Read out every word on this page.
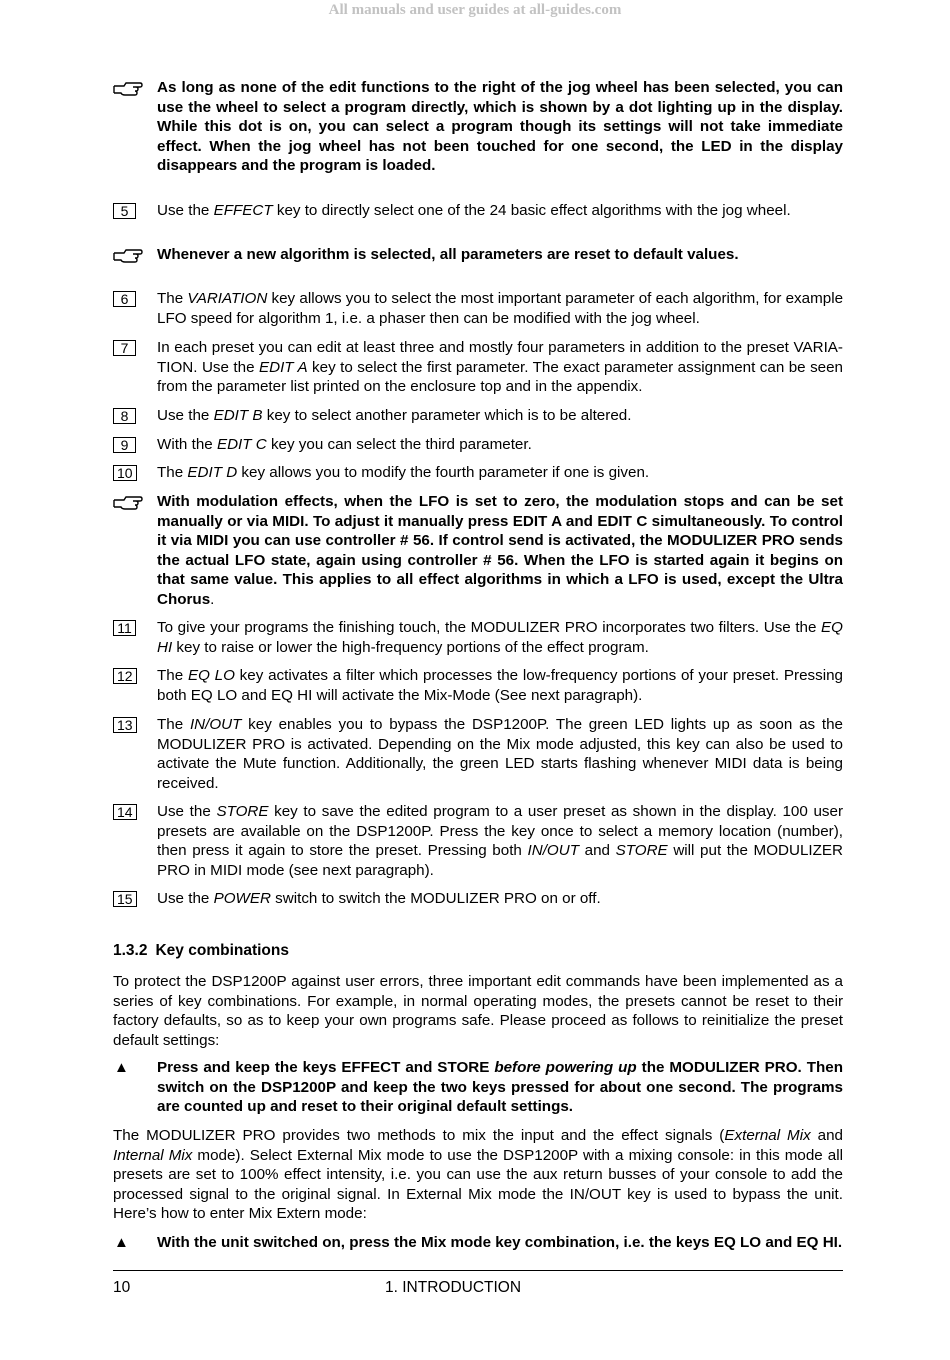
All manuals and user guides at all-guides.com
As long as none of the edit functions to the right of the jog wheel has been selected, you can use the wheel to select a program directly, which is shown by a dot lighting up in the display. While this dot is on, you can select a program though its settings will not take immediate effect. When the jog wheel has not been touched for one second, the LED in the display disappears and the program is loaded.
5	Use the EFFECT key to directly select one of the 24 basic effect algorithms with the jog wheel.
Whenever a new algorithm is selected, all parameters are reset to default values.
6	The VARIATION key allows you to select the most important parameter of each algorithm, for example LFO speed for algorithm 1, i.e. a phaser then can be modified with the jog wheel.
7	In each preset you can edit at least three and mostly four parameters in addition to the preset VARIA-TION. Use the EDIT A key to select the first parameter. The exact parameter assignment can be seen from the parameter list printed on the enclosure top and in the appendix.
8	Use the EDIT B key to select another parameter which is to be altered.
9	With the EDIT C key you can select the third parameter.
10 The EDIT D key allows you to modify the fourth parameter if one is given.
With modulation effects, when the LFO is set to zero, the modulation stops and can be set manually or via MIDI. To adjust it manually press EDIT A and EDIT C simultaneously. To control it via MIDI you can use controller # 56. If control send is activated, the MODULIZER PRO sends the actual LFO state, again using controller # 56. When the LFO is started again it begins on that same value. This applies to all effect algorithms in which a LFO is used, except the Ultra Chorus.
11 To give your programs the finishing touch, the MODULIZER PRO incorporates two filters. Use the EQ HI key to raise or lower the high-frequency portions of the effect program.
12 The EQ LO key activates a filter which processes the low-frequency portions of your preset. Pressing both EQ LO and EQ HI will activate the Mix-Mode (See next paragraph).
13 The IN/OUT key enables you to bypass the DSP1200P. The green LED lights up as soon as the MODULIZER PRO is activated. Depending on the Mix mode adjusted, this key can also be used to activate the Mute function. Additionally, the green LED starts flashing whenever MIDI data is being received.
14 Use the STORE key to save the edited program to a user preset as shown in the display. 100 user presets are available on the DSP1200P. Press the key once to select a memory location (number), then press it again to store the preset. Pressing both IN/OUT and STORE will put the MODULIZER PRO in MIDI mode (see next paragraph).
15 Use the POWER switch to switch the MODULIZER PRO on or off.
1.3.2 Key combinations
To protect the DSP1200P against user errors, three important edit commands have been implemented as a series of key combinations. For example, in normal operating modes, the presets cannot be reset to their factory defaults, so as to keep your own programs safe. Please proceed as follows to reinitialize the preset default settings:
▲ Press and keep the keys EFFECT and STORE before powering up the MODULIZER PRO. Then switch on the DSP1200P and keep the two keys pressed for about one second. The programs are counted up and reset to their original default settings.
The MODULIZER PRO provides two methods to mix the input and the effect signals (External Mix and Internal Mix mode). Select External Mix mode to use the DSP1200P with a mixing console: in this mode all presets are set to 100% effect intensity, i.e. you can use the aux return busses of your console to add the processed signal to the original signal. In External Mix mode the IN/OUT key is used to bypass the unit. Here’s how to enter Mix Extern mode:
▲ With the unit switched on, press the Mix mode key combination, i.e. the keys EQ LO and EQ HI.
10	1. INTRODUCTION
